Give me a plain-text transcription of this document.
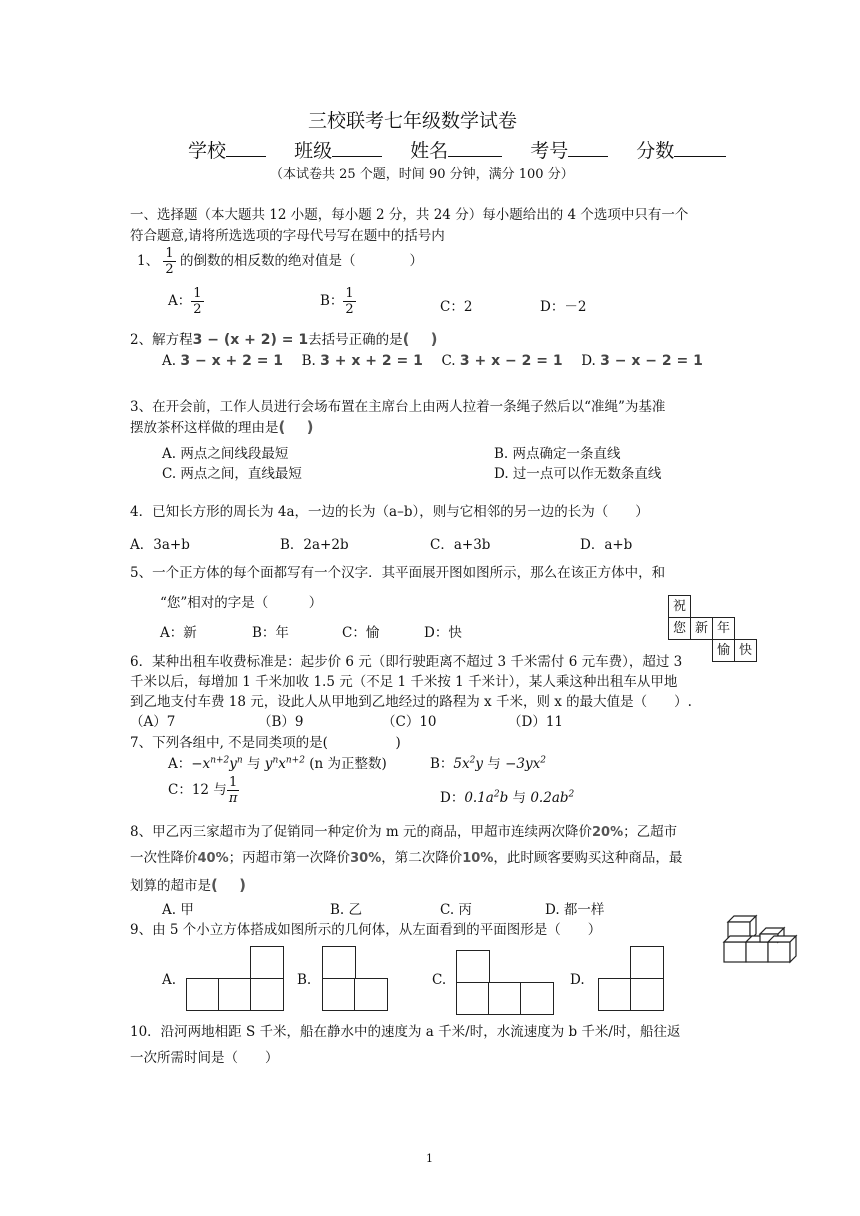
三校联考七年级数学试卷
学校	班级	姓名	考号	分数
（本试卷共 25 个题，时间 90 分钟，满分 100 分）
一、选择题（本大题共 12 小题，每小题 2 分，共 24 分）每小题给出的 4 个选项中只有一个
符合题意,请将所选选项的字母代号写在题中的括号内
1、 $\frac{1}{2}$ 的倒数的相反数的绝对值是（　　　　）
A： $\frac{1}{2}$	B： $\frac{1}{2}$	C：2	D：－2
2、解方程3 − (x + 2) = 1去括号正确的是( )
A. 3 − x + 2 = 1 B. 3 + x + 2 = 1 C. 3 + x − 2 = 1 D. 3 − x − 2 = 1
3、在开会前，工作人员进行会场布置在主席台上由两人拉着一条绳子然后以“准绳”为基准
摆放茶杯这样做的理由是( )
A. 两点之间线段最短	B. 两点确定一条直线
C. 两点之间，直线最短	D. 过一点可以作无数条直线
4．已知长方形的周长为 4a，一边的长为（a–b），则与它相邻的另一边的长为（　　）
A．3a+b	B．2a+2b	C．a+3b	D．a+b
5、一个正方体的每个面都写有一个汉字．其平面展开图如图所示，那么在该正方体中，和
“您”相对的字是（　　　）
A：新	B：年	C：愉	D：快
祝
您 新 年
愉 快
6．某种出租车收费标准是：起步价 6 元（即行驶距离不超过 3 千米需付 6 元车费），超过 3
千米以后，每增加 1 千米加收 1.5 元（不足 1 千米按 1 千米计），某人乘这种出租车从甲地
到乙地支付车费 18 元，设此人从甲地到乙地经过的路程为 x 千米，则 x 的最大值是（　　）.
（A）7	（B）9	（C）10	（D）11
7、下列各组中, 不是同类项的是(　　　　　)
A：$-x^{n+2}y^n$ 与 $y^nx^{n+2}$ (n 为正整数)	B：$5x^2y$ 与 $-3yx^2$
C：12 与 $\frac{1}{\pi}$	D：$0.1a^2b$ 与 $0.2ab^2$
8、甲乙丙三家超市为了促销同一种定价为 m 元的商品，甲超市连续两次降价20%；乙超市
一次性降价40%；丙超市第一次降价30%，第二次降价10%，此时顾客要购买这种商品，最
划算的超市是( )
A. 甲	B. 乙	C. 丙	D. 都一样
9、由 5 个小立方体搭成如图所示的几何体，从左面看到的平面图形是（　　）
A.	B.	C.	D.
10．沿河两地相距 S 千米，船在静水中的速度为 a 千米/时，水流速度为 b 千米/时，船往返
一次所需时间是（　　）
1
